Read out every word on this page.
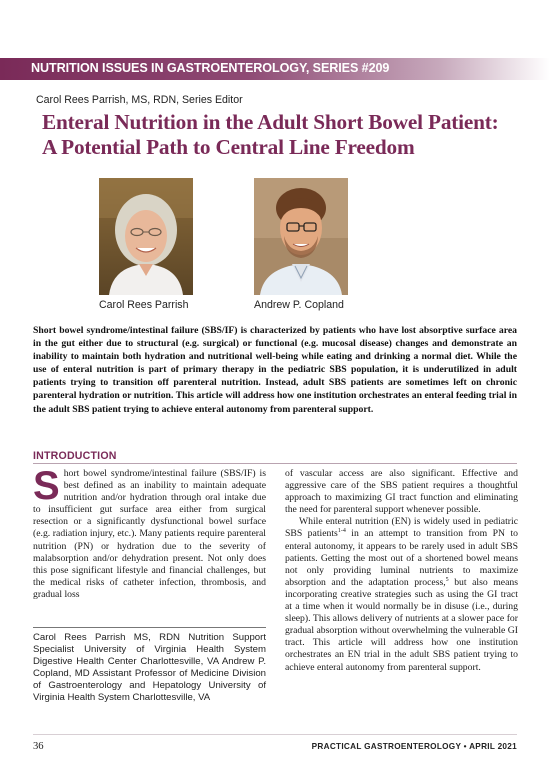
NUTRITION ISSUES IN GASTROENTEROLOGY, SERIES #209
Carol Rees Parrish, MS, RDN, Series Editor
Enteral Nutrition in the Adult Short Bowel Patient:
A Potential Path to Central Line Freedom
Carol Rees Parrish	Andrew P. Copland
Short bowel syndrome/intestinal failure (SBS/IF) is characterized by patients who have lost absorptive surface area in the gut either due to structural (e.g. surgical) or functional (e.g. mucosal disease) changes and demonstrate an inability to maintain both hydration and nutritional well-being while eating and drinking a normal diet. While the use of enteral nutrition is part of primary therapy in the pediatric SBS population, it is underutilized in adult patients trying to transition off parenteral nutrition. Instead, adult SBS patients are sometimes left on chronic parenteral hydration or nutrition. This article will address how one institution orchestrates an enteral feeding trial in the adult SBS patient trying to achieve enteral autonomy from parenteral support.
INTRODUCTION
S hort bowel syndrome/intestinal failure (SBS/IF) is best defined as an inability to maintain adequate nutrition and/or hydration through oral intake due to insufficient gut surface area either from surgical resection or a significantly dysfunctional bowel surface (e.g. radiation injury, etc.). Many patients require parenteral nutrition (PN) or hydration due to the severity of malabsorption and/or dehydration present. Not only does this pose significant lifestyle and financial challenges, but the medical risks of catheter infection, thrombosis, and gradual loss
of vascular access are also significant. Effective and aggressive care of the SBS patient requires a thoughtful approach to maximizing GI tract function and eliminating the need for parenteral support whenever possible.
While enteral nutrition (EN) is widely used in pediatric SBS patients$^{1-4}$ in an attempt to transition from PN to enteral autonomy, it appears to be rarely used in adult SBS patients. Getting the most out of a shortened bowel means not only providing luminal nutrients to maximize absorption and the adaptation process,$^5$ but also means incorporating creative strategies such as using the GI tract at a time when it would normally be in disuse (i.e., during sleep). This allows delivery of nutrients at a slower pace for gradual absorption without overwhelming the vulnerable GI tract. This article will address how one institution orchestrates an EN trial in the adult SBS patient trying to achieve enteral autonomy from parenteral support.
Carol Rees Parrish MS, RDN Nutrition Support Specialist University of Virginia Health System Digestive Health Center Charlottesville, VA Andrew P. Copland, MD Assistant Professor of Medicine Division of Gastroenterology and Hepatology University of Virginia Health System Charlottesville, VA
36	PRACTICAL GASTROENTEROLOGY • APRIL 2021
